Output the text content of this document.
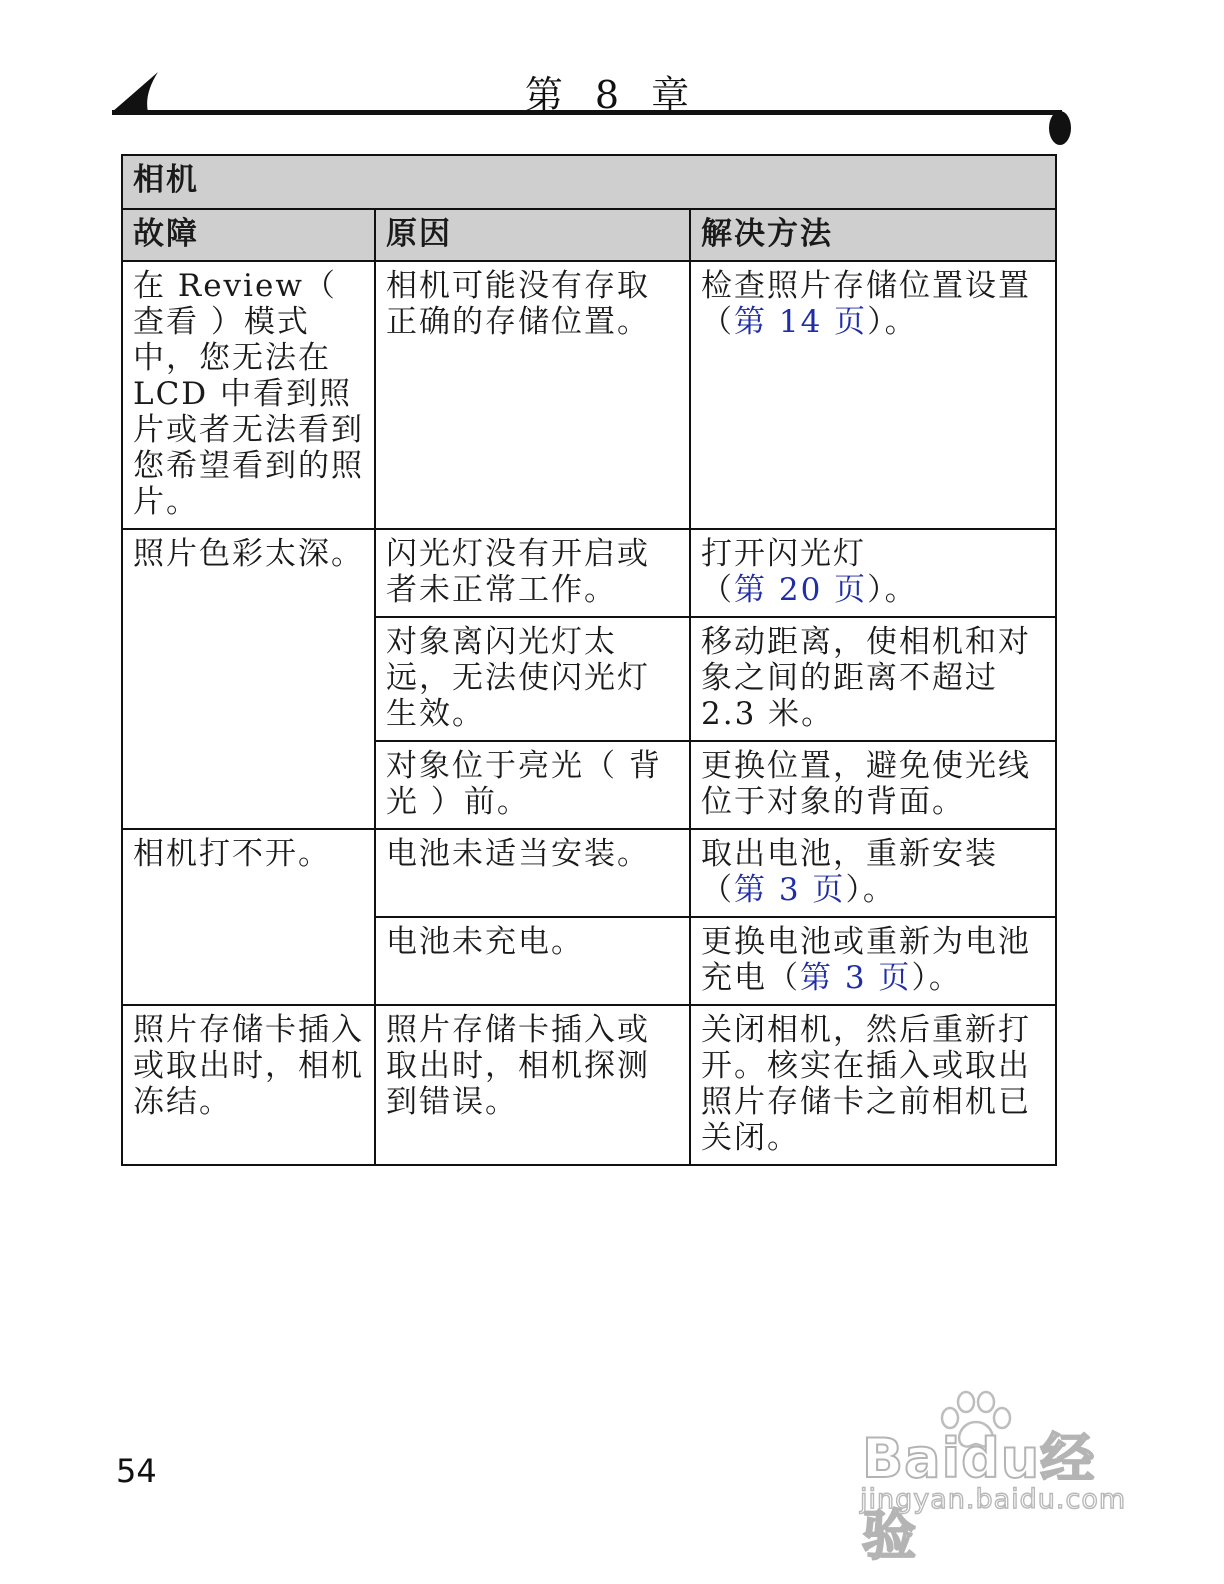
第 8 章
相机		
故障	原因	解决方法
在 Review（ 查看 ）模式中，您无法在 LCD 中看到照片或者无法看到您希望看到的照片。	相机可能没有存取正确的存储位置。	检查照片存储位置设置（第 14 页）。
照片色彩太深。	闪光灯没有开启或者未正常工作。	打开闪光灯（第 20 页）。
	对象离闪光灯太远，无法使闪光灯生效。	移动距离，使相机和对象之间的距离不超过 2.3 米。
	对象位于亮光（ 背光 ）前。	更换位置，避免使光线位于对象的背面。
相机打不开。	电池未适当安装。	取出电池，重新安装（第 3 页）。
	电池未充电。	更换电池或重新为电池充电（第 3 页）。
照片存储卡插入或取出时，相机冻结。	照片存储卡插入或取出时，相机探测到错误。	关闭相机，然后重新打开。核实在插入或取出照片存储卡之前相机已关闭。
54	Baidu经验
jingyan.baidu.com
